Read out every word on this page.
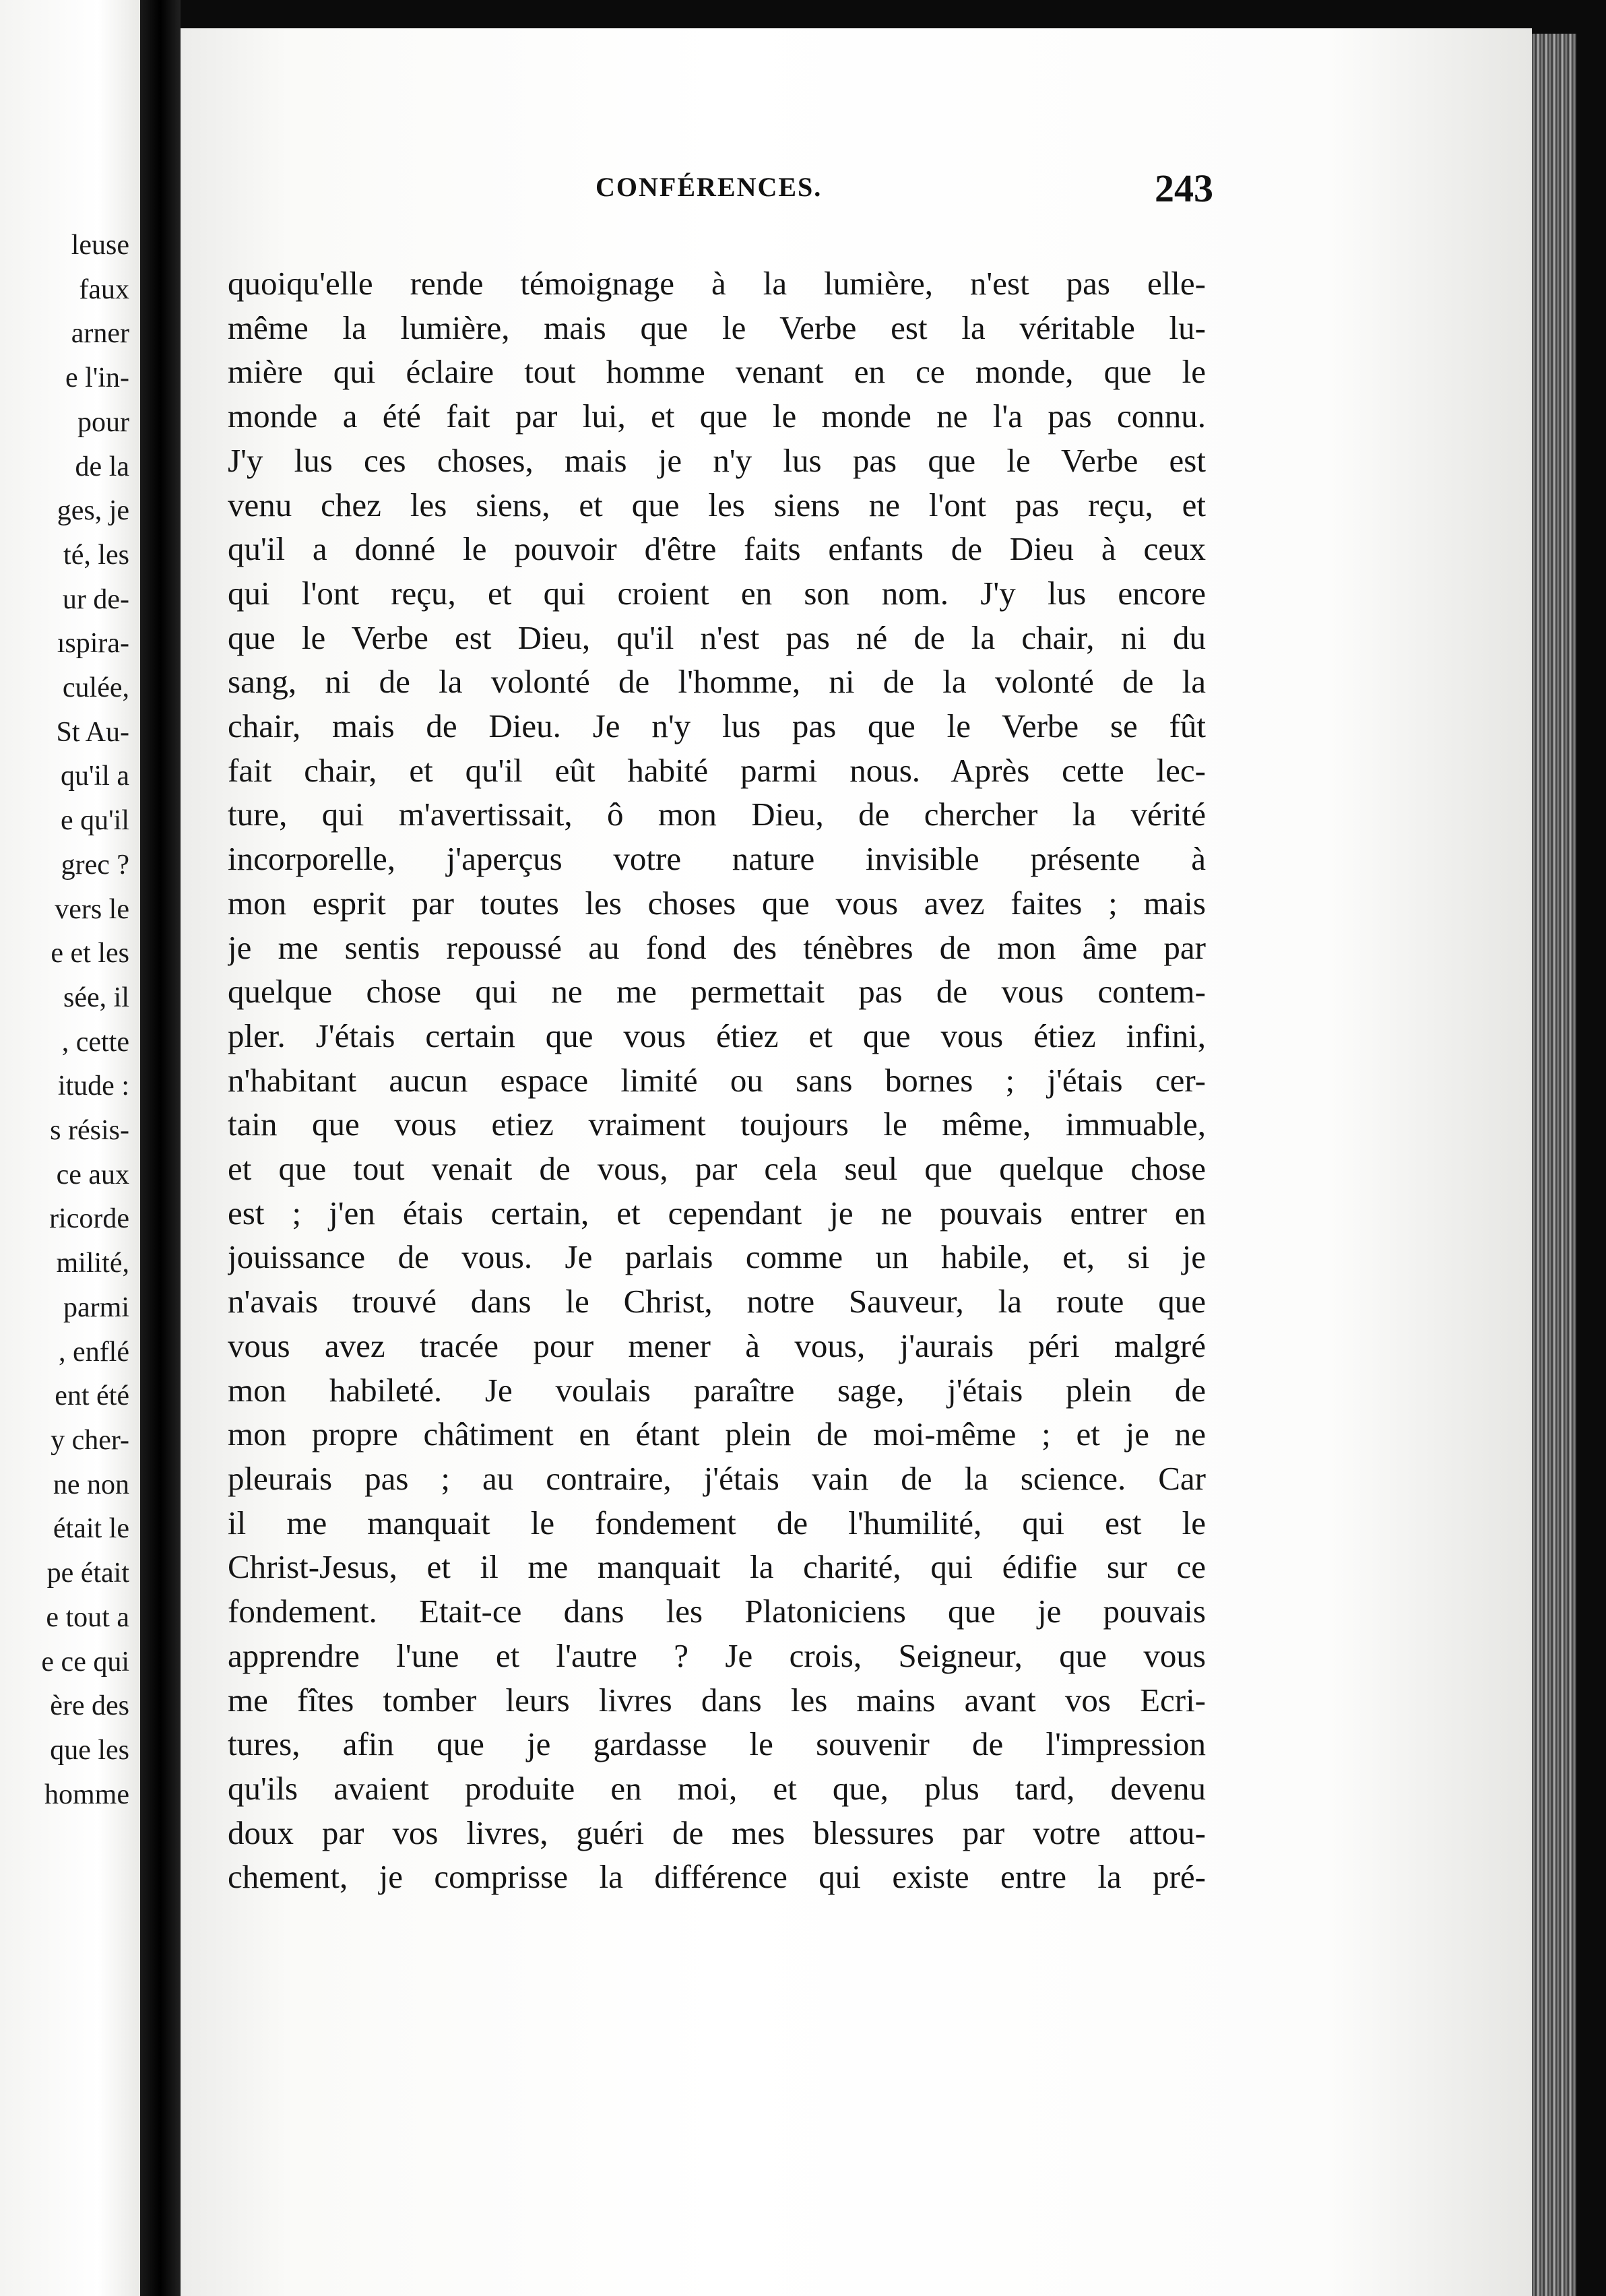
leuse
faux
arner
e l'in-
pour
de la
ges, je
té, les
ur de-
ıspira-
culée,
St Au-
qu'il a
e qu'il
grec ?
vers le
e et les
sée, il
, cette
itude :
s résis-
ce aux
ricorde
milité,
parmi
, enflé
ent été
y cher-
ne non
était le
pe était
e tout a
e ce qui
ère des
que les
homme
CONFÉRENCES.	243
quoiqu'elle rende témoignage à la lumière, n'est pas elle-
même la lumière, mais que le Verbe est la véritable lu-
mière qui éclaire tout homme venant en ce monde, que le
monde a été fait par lui, et que le monde ne l'a pas connu.
J'y lus ces choses, mais je n'y lus pas que le Verbe est
venu chez les siens, et que les siens ne l'ont pas reçu, et
qu'il a donné le pouvoir d'être faits enfants de Dieu à ceux
qui l'ont reçu, et qui croient en son nom. J'y lus encore
que le Verbe est Dieu, qu'il n'est pas né de la chair, ni du
sang, ni de la volonté de l'homme, ni de la volonté de la
chair, mais de Dieu. Je n'y lus pas que le Verbe se fût
fait chair, et qu'il eût habité parmi nous. Après cette lec-
ture, qui m'avertissait, ô mon Dieu, de chercher la vérité
incorporelle, j'aperçus votre nature invisible présente à
mon esprit par toutes les choses que vous avez faites ; mais
je me sentis repoussé au fond des ténèbres de mon âme par
quelque chose qui ne me permettait pas de vous contem-
pler. J'étais certain que vous étiez et que vous étiez infini,
n'habitant aucun espace limité ou sans bornes ; j'étais cer-
tain que vous etiez vraiment toujours le même, immuable,
et que tout venait de vous, par cela seul que quelque chose
est ; j'en étais certain, et cependant je ne pouvais entrer en
jouissance de vous. Je parlais comme un habile, et, si je
n'avais trouvé dans le Christ, notre Sauveur, la route que
vous avez tracée pour mener à vous, j'aurais péri malgré
mon habileté. Je voulais paraître sage, j'étais plein de
mon propre châtiment en étant plein de moi-même ; et je ne
pleurais pas ; au contraire, j'étais vain de la science. Car
il me manquait le fondement de l'humilité, qui est le
Christ-Jesus, et il me manquait la charité, qui édifie sur ce
fondement. Etait-ce dans les Platoniciens que je pouvais
apprendre l'une et l'autre ? Je crois, Seigneur, que vous
me fîtes tomber leurs livres dans les mains avant vos Ecri-
tures, afin que je gardasse le souvenir de l'impression
qu'ils avaient produite en moi, et que, plus tard, devenu
doux par vos livres, guéri de mes blessures par votre attou-
chement, je comprisse la différence qui existe entre la pré-
